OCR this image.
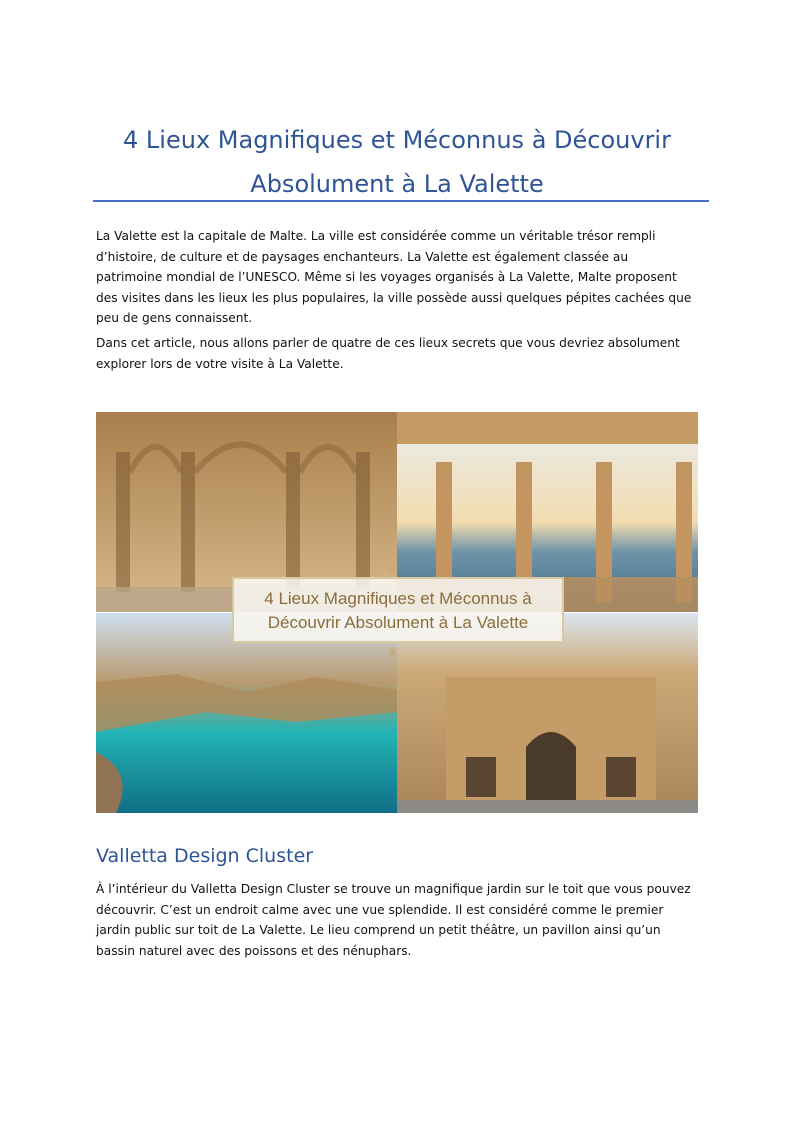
4 Lieux Magnifiques et Méconnus à Découvrir
Absolument à La Valette

La Valette est la capitale de Malte. La ville est considérée comme un véritable trésor rempli d’histoire, de culture et de paysages enchanteurs. La Valette est également classée au patrimoine mondial de l’UNESCO. Même si les voyages organisés à La Valette, Malte proposent des visites dans les lieux les plus populaires, la ville possède aussi quelques pépites cachées que peu de gens connaissent.

Dans cet article, nous allons parler de quatre de ces lieux secrets que vous devriez absolument explorer lors de votre visite à La Valette.

4 Lieux Magnifiques et Méconnus à
Découvrir Absolument à La Valette
❦
❦
Valletta Design Cluster

À l’intérieur du Valletta Design Cluster se trouve un magnifique jardin sur le toit que vous pouvez découvrir. C’est un endroit calme avec une vue splendide. Il est considéré comme le premier jardin public sur toit de La Valette. Le lieu comprend un petit théâtre, un pavillon ainsi qu’un bassin naturel avec des poissons et des nénuphars.
